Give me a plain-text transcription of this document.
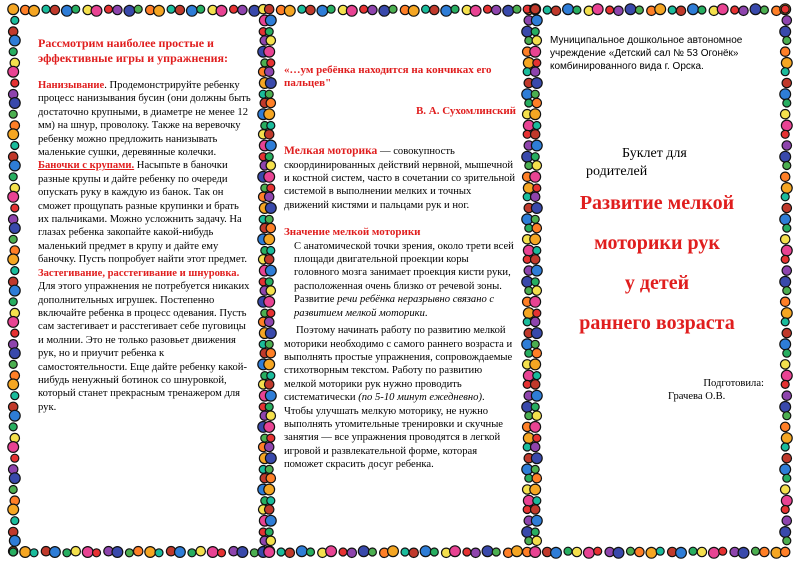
Рассмотрим наиболее простые и эффективные игры и упражнения:

Нанизывание. Продемонстрируйте ребенку процесс нанизывания бусин (они должны быть достаточно крупными, в диаметре не менее 12 мм) на шнур, проволоку. Также на веревочку ребенку можно предложить нанизывать маленькие сушки, деревянные колечки.

Баночки с крупами. Насыпьте в баночки разные крупы и дайте ребенку по очереди опускать руку в каждую из банок. Так он сможет прощупать разные крупинки и брать их пальчиками. Можно усложнить задачу. На глазах ребенка закопайте какой-нибудь маленький предмет в крупу и дайте ему баночку. Пусть попробует найти этот предмет.

Застегивание, расстегивание и шнуровка.

Для этого упражнения не потребуется никаких дополнительных игрушек. Постепенно включайте ребенка в процесс одевания. Пусть сам застегивает и расстегивает себе пуговицы и молнии. Это не только разовьет движения рук, но и приучит ребенка к самостоятельности. Еще дайте ребенку какой-нибудь ненужный ботинок со шнуровкой, который станет прекрасным тренажером для рук.

«…ум ребёнка находится на кончиках его пальцев"

В. А. Сухомлинский

Мелкая моторика — совокупность скоординированных действий нервной, мышечной и костной систем, часто в сочетании со зрительной системой в выполнении мелких и точных движений кистями и пальцами рук и ног.

Значение мелкой моторики

С анатомической точки зрения, около трети всей площади двигательной проекции коры головного мозга занимает проекция кисти руки, расположенная очень близко от речевой зоны. Развитие речи ребёнка неразрывно связано с развитием мелкой моторики.

Поэтому начинать работу по развитию мелкой моторики необходимо с самого раннего возраста и выполнять простые упражнения, сопровождаемые стихотворным текстом. Работу по развитию мелкой моторики рук нужно проводить систематически (по 5-10 минут ежедневно). Чтобы улучшать мелкую моторику, не нужно выполнять утомительные тренировки и скучные занятия — все упражнения проводятся в легкой игровой и развлекательной форме, которая поможет скрасить досуг ребенка.

Муниципальное дошкольное автономное учреждение «Детский сал № 53 Огонёк» комбинированного вида г. Орска.

Буклет для

родителей

Развитие мелкой

моторики рук

у детей

раннего возраста

Подготовила:

Грачева О.В.
